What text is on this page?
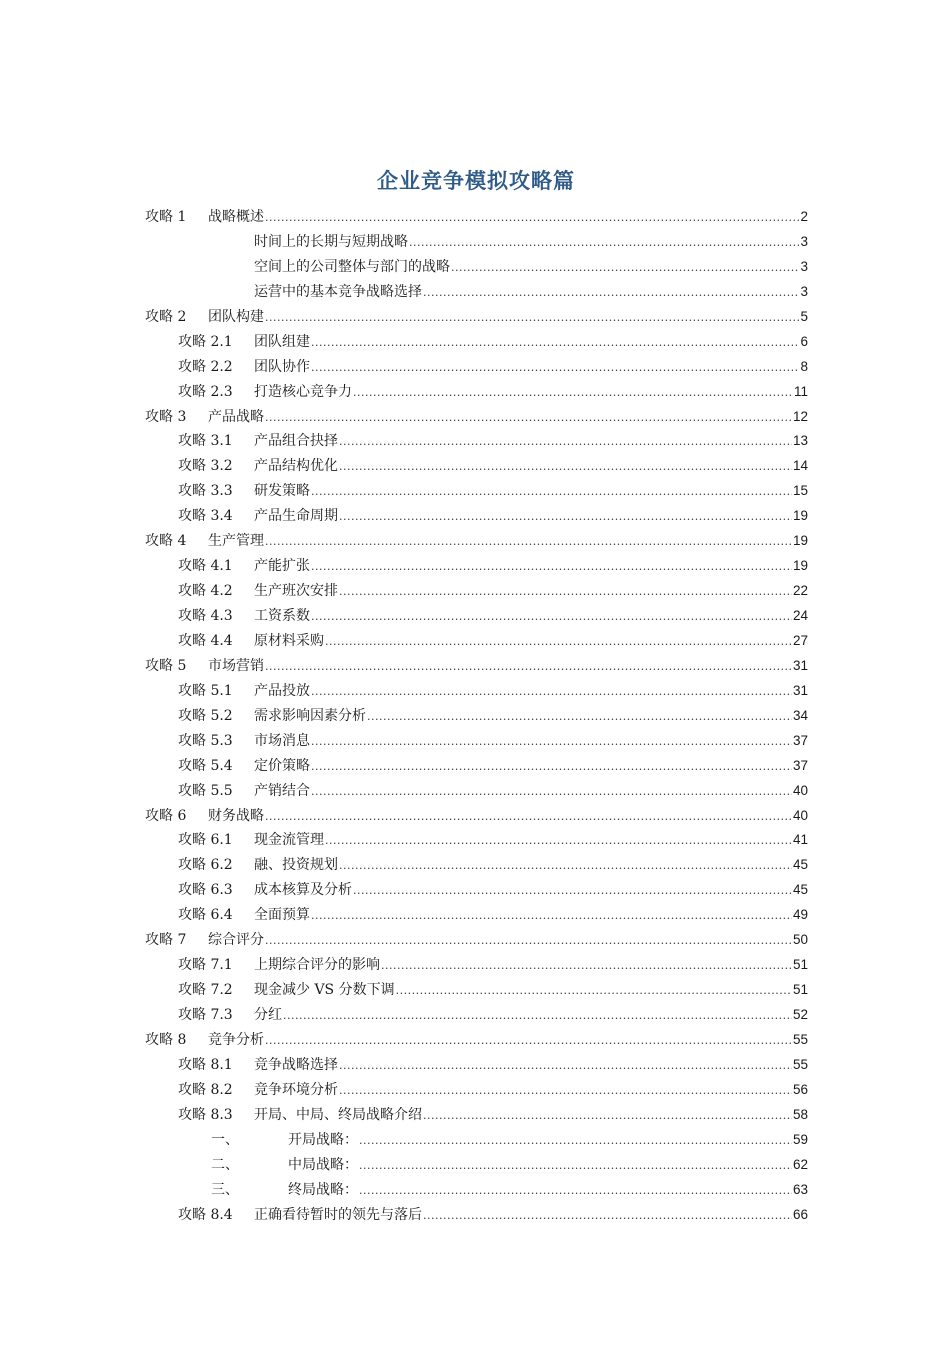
企业竞争模拟攻略篇
攻略 1	战略概述 .....	2
时间上的长期与短期战略 .....	3
空间上的公司整体与部门的战略 .....	3
运营中的基本竞争战略选择 .....	3
攻略 2	团队构建 .....	5
攻略 2.1	团队组建 .....	6
攻略 2.2	团队协作 .....	8
攻略 2.3	打造核心竞争力 .....	11
攻略 3	产品战略 .....	12
攻略 3.1	产品组合抉择 .....	13
攻略 3.2	产品结构优化 .....	14
攻略 3.3	研发策略 .....	15
攻略 3.4	产品生命周期 .....	19
攻略 4	生产管理 .....	19
攻略 4.1	产能扩张 .....	19
攻略 4.2	生产班次安排 .....	22
攻略 4.3	工资系数 .....	24
攻略 4.4	原材料采购 .....	27
攻略 5	市场营销 .....	31
攻略 5.1	产品投放 .....	31
攻略 5.2	需求影响因素分析 .....	34
攻略 5.3	市场消息 .....	37
攻略 5.4	定价策略 .....	37
攻略 5.5	产销结合 .....	40
攻略 6	财务战略 .....	40
攻略 6.1	现金流管理 .....	41
攻略 6.2	融、投资规划 .....	45
攻略 6.3	成本核算及分析 .....	45
攻略 6.4	全面预算 .....	49
攻略 7	综合评分 .....	50
攻略 7.1	上期综合评分的影响 .....	51
攻略 7.2	现金减少 VS 分数下调 .....	51
攻略 7.3	分红 .....	52
攻略 8	竞争分析 .....	55
攻略 8.1	竞争战略选择 .....	55
攻略 8.2	竞争环境分析 .....	56
攻略 8.3	开局、中局、终局战略介绍 .....	58
一、	开局战略： .....	59
二、	中局战略： .....	62
三、	终局战略： .....	63
攻略 8.4	正确看待暂时的领先与落后 .....	66
